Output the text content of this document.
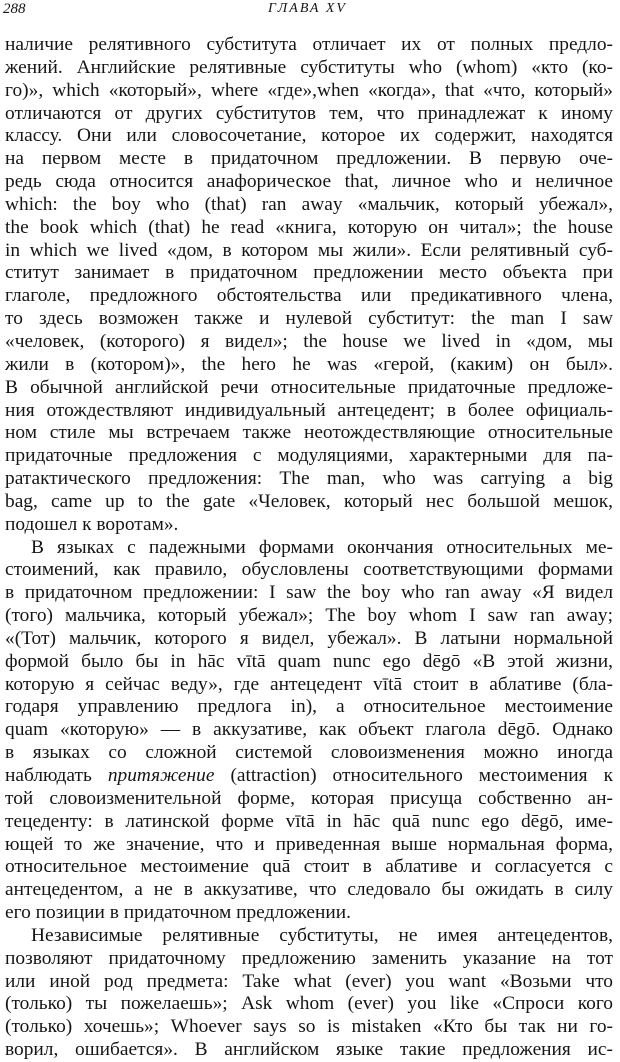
288	ГЛАВА XV
наличие релятивного субститута отличает их от полных предло-
жений. Английские релятивные субституты who (whom) «кто (ко-
го)», which «который», where «где»,when «когда», that «что, который»
отличаются от других субститутов тем, что принадлежат к иному
классу. Они или словосочетание, которое их содержит, находятся
на первом месте в придаточном предложении. В первую оче-
редь сюда относится анафорическое that, личное who и неличное
which: the boy who (that) ran away «мальчик, который убежал»,
the book which (that) he read «книга, которую он читал»; the house
in which we lived «дом, в котором мы жили». Если релятивный суб-
ститут занимает в придаточном предложении место объекта при
глаголе, предложного обстоятельства или предикативного члена,
то здесь возможен также и нулевой субститут: the man I saw
«человек, (которого) я видел»; the house we lived in «дом, мы
жили в (котором)», the hero he was «герой, (каким) он был».
В обычной английской речи относительные придаточные предложе-
ния отождествляют индивидуальный антецедент; в более официаль-
ном стиле мы встречаем также неотождествляющие относительные
придаточные предложения с модуляциями, характерными для па-
ратактического предложения: The man, who was carrying a big
bag, came up to the gate «Человек, который нес большой мешок,
подошел к воротам».
В языках с падежными формами окончания относительных ме-
стоимений, как правило, обусловлены соответствующими формами
в придаточном предложении: I saw the boy who ran away «Я видел
(того) мальчика, который убежал»; The boy whom I saw ran away;
«(Тот) мальчик, которого я видел, убежал». В латыни нормальной
формой было бы in hāc vītā quam nunc ego dēgō «В этой жизни,
которую я сейчас веду», где антецедент vītā стоит в аблативе (бла-
годаря управлению предлога in), а относительное местоимение
quam «которую» — в аккузативе, как объект глагола dēgō. Однако
в языках со сложной системой словоизменения можно иногда
наблюдать притяжение (attraction) относительного местоимения к
той словоизменительной форме, которая присуща собственно ан-
тецеденту: в латинской форме vītā in hāc quā nunc ego dēgō, име-
ющей то же значение, что и приведенная выше нормальная форма,
относительное местоимение quā стоит в аблативе и согласуется с
антецедентом, а не в аккузативе, что следовало бы ожидать в силу
его позиции в придаточном предложении.
Независимые релятивные субституты, не имея антецедентов,
позволяют придаточному предложению заменить указание на тот
или иной род предмета: Take what (ever) you want «Возьми что
(только) ты пожелаешь»; Ask whom (ever) you like «Спроси кого
(только) хочешь»; Whoever says so is mistaken «Кто бы так ни го-
ворил, ошибается». В английском языке такие предложения ис-
